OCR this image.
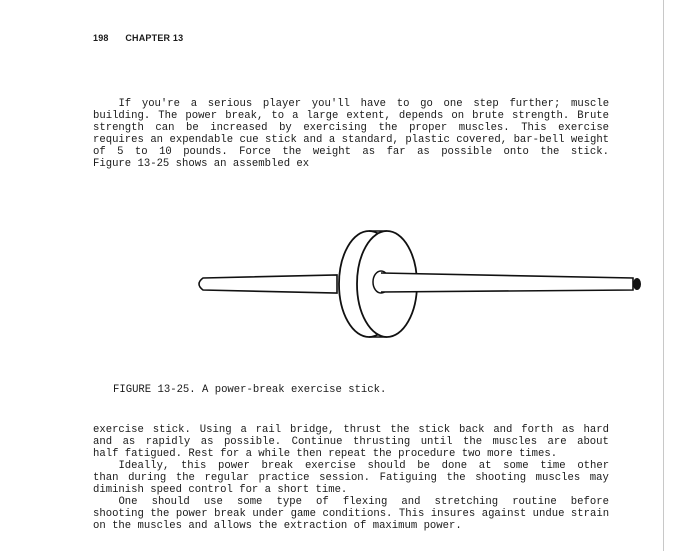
198 CHAPTER 13
If you're a serious player you'll have to go one step further; muscle
building. The power break, to a large extent, depends on brute strength. Brute
strength can be increased by exercising the proper muscles. This exercise
requires an expendable cue stick and a standard, plastic covered, bar-bell weight
of 5 to 10 pounds. Force the weight as far as possible onto the stick.
Figure 13-25 shows an assembled ex
FIGURE 13-25. A power-break exercise stick.
exercise stick. Using a rail bridge, thrust the stick back and forth as hard
and as rapidly as possible. Continue thrusting until the muscles are about
half fatigued. Rest for a while then repeat the procedure two more times.
Ideally, this power break exercise should be done at some time other
than during the regular practice session. Fatiguing the shooting muscles may
diminish speed control for a short time.
One should use some type of flexing and stretching routine before
shooting the power break under game conditions. This insures against undue strain
on the muscles and allows the extraction of maximum power.
